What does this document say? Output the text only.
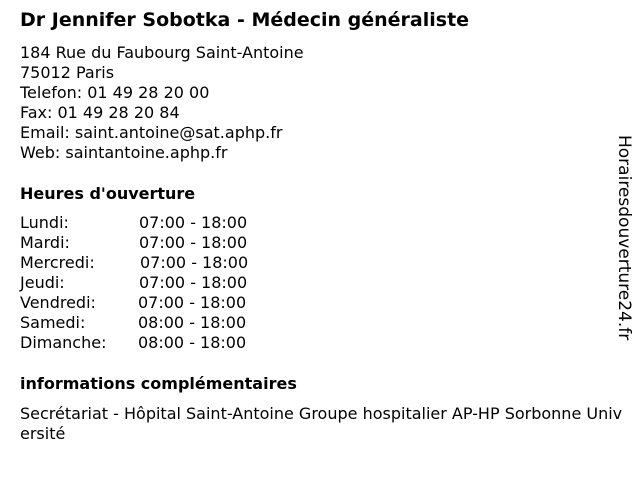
Dr Jennifer Sobotka - Médecin généraliste
184 Rue du Faubourg Saint-Antoine
75012 Paris
Telefon: 01 49 28 20 00
Fax: 01 49 28 20 84
Email: saint.antoine@sat.aphp.fr
Web: saintantoine.aphp.fr
Heures d'ouverture
Lundi:	07:00 - 18:00
Mardi:	07:00 - 18:00
Mercredi:	07:00 - 18:00
Jeudi:	07:00 - 18:00
Vendredi:	07:00 - 18:00
Samedi:	08:00 - 18:00
Dimanche: 08:00 - 18:00
informations complémentaires
Secrétariat - Hôpital Saint-Antoine Groupe hospitalier AP-HP Sorbonne Université
Horairesdouverture24.fr
